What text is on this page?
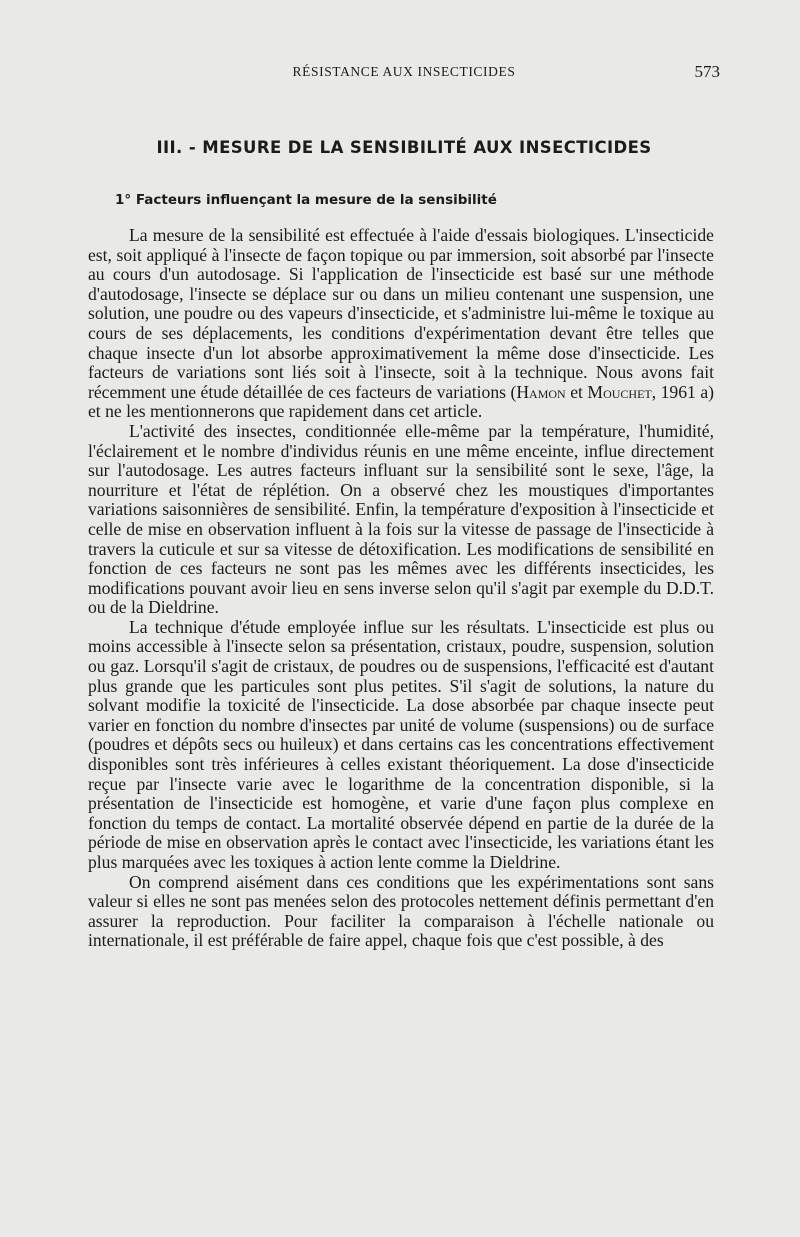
RÉSISTANCE AUX INSECTICIDES	573
III. - MESURE DE LA SENSIBILITÉ AUX INSECTICIDES
1° Facteurs influençant la mesure de la sensibilité

La mesure de la sensibilité est effectuée à l'aide d'essais biologiques. L'insecticide est, soit appliqué à l'insecte de façon topique ou par immersion, soit absorbé par l'insecte au cours d'un autodosage. Si l'application de l'insecticide est basé sur une méthode d'autodosage, l'insecte se déplace sur ou dans un milieu contenant une suspension, une solution, une poudre ou des vapeurs d'insecticide, et s'administre lui-même le toxique au cours de ses déplacements, les conditions d'expérimentation devant être telles que chaque insecte d'un lot absorbe approximativement la même dose d'insecticide. Les facteurs de variations sont liés soit à l'insecte, soit à la technique. Nous avons fait récemment une étude détaillée de ces facteurs de variations (Hamon et Mouchet, 1961 a) et ne les mentionnerons que rapidement dans cet article.

L'activité des insectes, conditionnée elle-même par la température, l'humidité, l'éclairement et le nombre d'individus réunis en une même enceinte, influe directement sur l'autodosage. Les autres facteurs influant sur la sensibilité sont le sexe, l'âge, la nourriture et l'état de réplétion. On a observé chez les moustiques d'importantes variations saisonnières de sensibilité. Enfin, la température d'exposition à l'insecticide et celle de mise en observation influent à la fois sur la vitesse de passage de l'insecticide à travers la cuticule et sur sa vitesse de détoxification. Les modifications de sensibilité en fonction de ces facteurs ne sont pas les mêmes avec les différents insecticides, les modifications pouvant avoir lieu en sens inverse selon qu'il s'agit par exemple du D.D.T. ou de la Dieldrine.

La technique d'étude employée influe sur les résultats. L'insecticide est plus ou moins accessible à l'insecte selon sa présentation, cristaux, poudre, suspension, solution ou gaz. Lorsqu'il s'agit de cristaux, de poudres ou de suspensions, l'efficacité est d'autant plus grande que les particules sont plus petites. S'il s'agit de solutions, la nature du solvant modifie la toxicité de l'insecticide. La dose absorbée par chaque insecte peut varier en fonction du nombre d'insectes par unité de volume (suspensions) ou de surface (poudres et dépôts secs ou huileux) et dans certains cas les concentrations effectivement disponibles sont très inférieures à celles existant théoriquement. La dose d'insecticide reçue par l'insecte varie avec le logarithme de la concentration disponible, si la présentation de l'insecticide est homogène, et varie d'une façon plus complexe en fonction du temps de contact. La mortalité observée dépend en partie de la durée de la période de mise en observation après le contact avec l'insecticide, les variations étant les plus marquées avec les toxiques à action lente comme la Dieldrine.

On comprend aisément dans ces conditions que les expérimentations sont sans valeur si elles ne sont pas menées selon des protocoles nettement définis permettant d'en assurer la reproduction. Pour faciliter la comparaison à l'échelle nationale ou internationale, il est préférable de faire appel, chaque fois que c'est possible, à des
